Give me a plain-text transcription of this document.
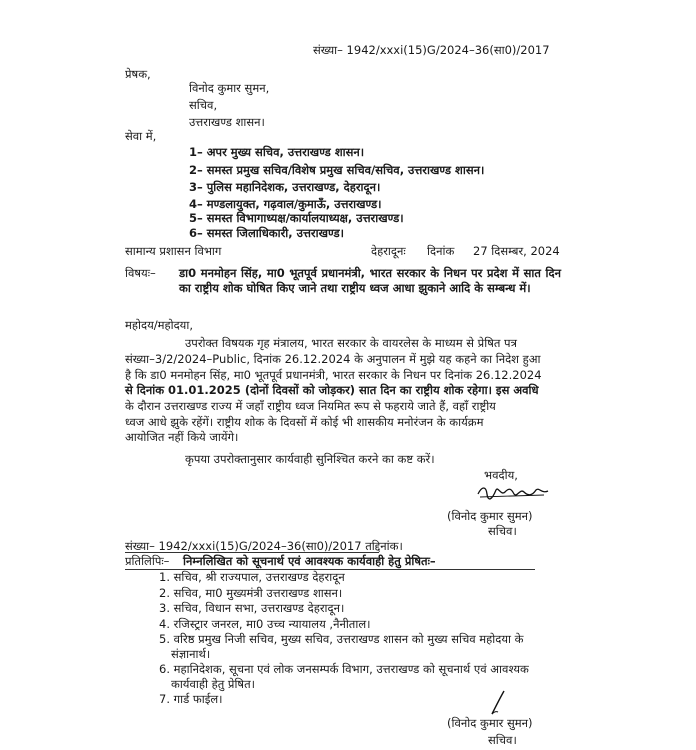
संख्या– 1942/xxxi(15)G/2024–36(सा0)/2017
प्रेषक,
विनोद कुमार सुमन,
सचिव,
उत्तराखण्ड शासन।
सेवा में,
1– अपर मुख्य सचिव, उत्तराखण्ड शासन।
2– समस्त प्रमुख सचिव/विशेष प्रमुख सचिव/सचिव, उत्तराखण्ड शासन।
3– पुलिस महानिदेशक, उत्तराखण्ड, देहरादून।
4– मण्डलायुक्त, गढ़वाल/कुमाऊँ, उत्तराखण्ड।
5– समस्त विभागाध्यक्ष/कार्यालयाध्यक्ष, उत्तराखण्ड।
6– समस्त जिलाधिकारी, उत्तराखण्ड।
सामान्य प्रशासन विभाग	देहरादूनः दिनांक 27 दिसम्बर, 2024
विषयः– डा0 मनमोहन सिंह, मा0 भूतपूर्व प्रधानमंत्री, भारत सरकार के निधन पर प्रदेश में सात दिन का राष्ट्रीय शोक घोषित किए जाने तथा राष्ट्रीय ध्वज आधा झुकाने आदि के सम्बन्ध में।
महोदय/महोदया,
उपरोक्त विषयक गृह मंत्रालय, भारत सरकार के वायरलेस के माध्यम से प्रेषित पत्र
संख्या–3/2/2024–Public, दिनांक 26.12.2024 के अनुपालन में मुझे यह कहने का निदेश हुआ
है कि डा0 मनमोहन सिंह, मा0 भूतपूर्व प्रधानमंत्री, भारत सरकार के निधन पर दिनांक 26.12.2024
से दिनांक 01.01.2025 (दोनों दिवसों को जोड़कर) सात दिन का राष्ट्रीय शोक रहेगा। इस अवधि
के दौरान उत्तराखण्ड राज्य में जहाँ राष्ट्रीय ध्वज नियमित रूप से फहराये जाते हैं, वहाँ राष्ट्रीय
ध्वज आधे झुके रहेंगें। राष्ट्रीय शोक के दिवसों में कोई भी शासकीय मनोरंजन के कार्यक्रम
आयोजित नहीं किये जायेंगे।
कृपया उपरोक्तानुसार कार्यवाही सुनिश्चित करने का कष्ट करें।
भवदीय,
(विनोद कुमार सुमन)
सचिव।
संख्या– 1942/xxxi(15)G/2024–36(सा0)/2017 तद्दिनांक।
प्रतिलिपिः– निम्नलिखित को सूचनार्थ एवं आवश्यक कार्यवाही हेतु प्रेषितः–
1. सचिव, श्री राज्यपाल, उत्तराखण्ड देहरादून
2. सचिव, मा0 मुख्यमंत्री उत्तराखण्ड शासन।
3. सचिव, विधान सभा, उत्तराखण्ड देहरादून।
4. रजिस्ट्रार जनरल, मा0 उच्च न्यायालय ,नैनीताल।
5. वरिष्ठ प्रमुख निजी सचिव, मुख्य सचिव, उत्तराखण्ड शासन को मुख्य सचिव महोदया के
संज्ञानार्थ।
6. महानिदेशक, सूचना एवं लोक जनसम्पर्क विभाग, उत्तराखण्ड को सूचनार्थ एवं आवश्यक
कार्यवाही हेतु प्रेषित।
7. गार्ड फाईल।
(विनोद कुमार सुमन)
सचिव।
